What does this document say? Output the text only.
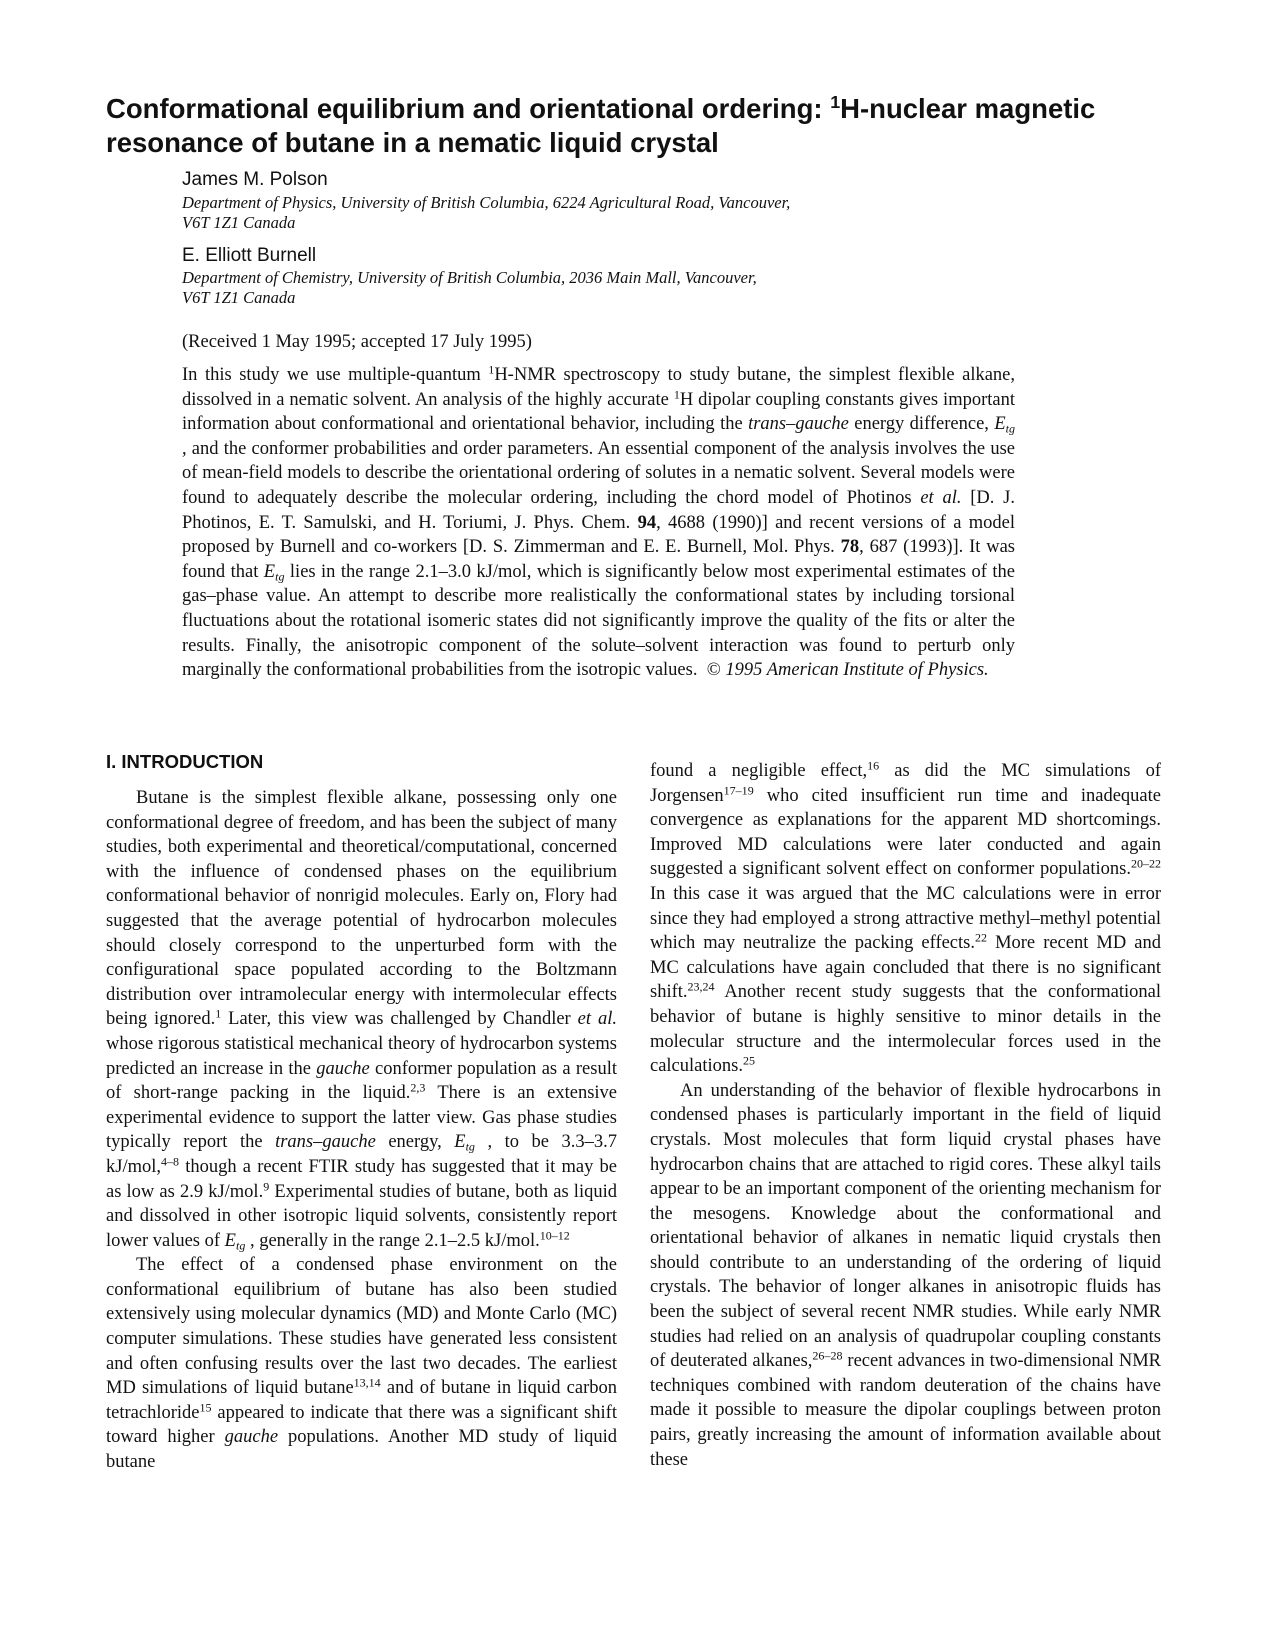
Conformational equilibrium and orientational ordering: $^1$H-nuclear magnetic resonance of butane in a nematic liquid crystal
James M. Polson
Department of Physics, University of British Columbia, 6224 Agricultural Road, Vancouver,
V6T 1Z1 Canada
E. Elliott Burnell
Department of Chemistry, University of British Columbia, 2036 Main Mall, Vancouver,
V6T 1Z1 Canada
(Received 1 May 1995; accepted 17 July 1995)
In this study we use multiple-quantum $^1$H-NMR spectroscopy to study butane, the simplest flexible alkane, dissolved in a nematic solvent. An analysis of the highly accurate $^1$H dipolar coupling constants gives important information about conformational and orientational behavior, including the trans–gauche energy difference, $E_{tg}$ , and the conformer probabilities and order parameters. An essential component of the analysis involves the use of mean-field models to describe the orientational ordering of solutes in a nematic solvent. Several models were found to adequately describe the molecular ordering, including the chord model of Photinos et al. [D. J. Photinos, E. T. Samulski, and H. Toriumi, J. Phys. Chem. 94, 4688 (1990)] and recent versions of a model proposed by Burnell and co-workers [D. S. Zimmerman and E. E. Burnell, Mol. Phys. 78, 687 (1993)]. It was found that $E_{tg}$ lies in the range 2.1–3.0 kJ/mol, which is significantly below most experimental estimates of the gas–phase value. An attempt to describe more realistically the conformational states by including torsional fluctuations about the rotational isomeric states did not significantly improve the quality of the fits or alter the results. Finally, the anisotropic component of the solute–solvent interaction was found to perturb only marginally the conformational probabilities from the isotropic values.  © 1995 American Institute of Physics.
I. INTRODUCTION

Butane is the simplest flexible alkane, possessing only one conformational degree of freedom, and has been the subject of many studies, both experimental and theoretical/computational, concerned with the influence of condensed phases on the equilibrium conformational behavior of nonrigid molecules. Early on, Flory had suggested that the average potential of hydrocarbon molecules should closely correspond to the unperturbed form with the configurational space populated according to the Boltzmann distribution over intramolecular energy with intermolecular effects being ignored.$^1$ Later, this view was challenged by Chandler et al. whose rigorous statistical mechanical theory of hydrocarbon systems predicted an increase in the gauche conformer population as a result of short-range packing in the liquid.$^{2,3}$ There is an extensive experimental evidence to support the latter view. Gas phase studies typically report the trans–gauche energy, $E_{tg}$ , to be 3.3–3.7 kJ/mol,$^{4-8}$ though a recent FTIR study has suggested that it may be as low as 2.9 kJ/mol.$^9$ Experimental studies of butane, both as liquid and dissolved in other isotropic liquid solvents, consistently report lower values of $E_{tg}$ , generally in the range 2.1–2.5 kJ/mol.$^{10-12}$

The effect of a condensed phase environment on the conformational equilibrium of butane has also been studied extensively using molecular dynamics (MD) and Monte Carlo (MC) computer simulations. These studies have generated less consistent and often confusing results over the last two decades. The earliest MD simulations of liquid butane$^{13,14}$ and of butane in liquid carbon tetrachloride$^{15}$ appeared to indicate that there was a significant shift toward higher gauche populations. Another MD study of liquid butane

found a negligible effect,$^{16}$ as did the MC simulations of Jorgensen$^{17-19}$ who cited insufficient run time and inadequate convergence as explanations for the apparent MD shortcomings. Improved MD calculations were later conducted and again suggested a significant solvent effect on conformer populations.$^{20-22}$ In this case it was argued that the MC calculations were in error since they had employed a strong attractive methyl–methyl potential which may neutralize the packing effects.$^{22}$ More recent MD and MC calculations have again concluded that there is no significant shift.$^{23,24}$ Another recent study suggests that the conformational behavior of butane is highly sensitive to minor details in the molecular structure and the intermolecular forces used in the calculations.$^{25}$

An understanding of the behavior of flexible hydrocarbons in condensed phases is particularly important in the field of liquid crystals. Most molecules that form liquid crystal phases have hydrocarbon chains that are attached to rigid cores. These alkyl tails appear to be an important component of the orienting mechanism for the mesogens. Knowledge about the conformational and orientational behavior of alkanes in nematic liquid crystals then should contribute to an understanding of the ordering of liquid crystals. The behavior of longer alkanes in anisotropic fluids has been the subject of several recent NMR studies. While early NMR studies had relied on an analysis of quadrupolar coupling constants of deuterated alkanes,$^{26-28}$ recent advances in two-dimensional NMR techniques combined with random deuteration of the chains have made it possible to measure the dipolar couplings between proton pairs, greatly increasing the amount of information available about these
